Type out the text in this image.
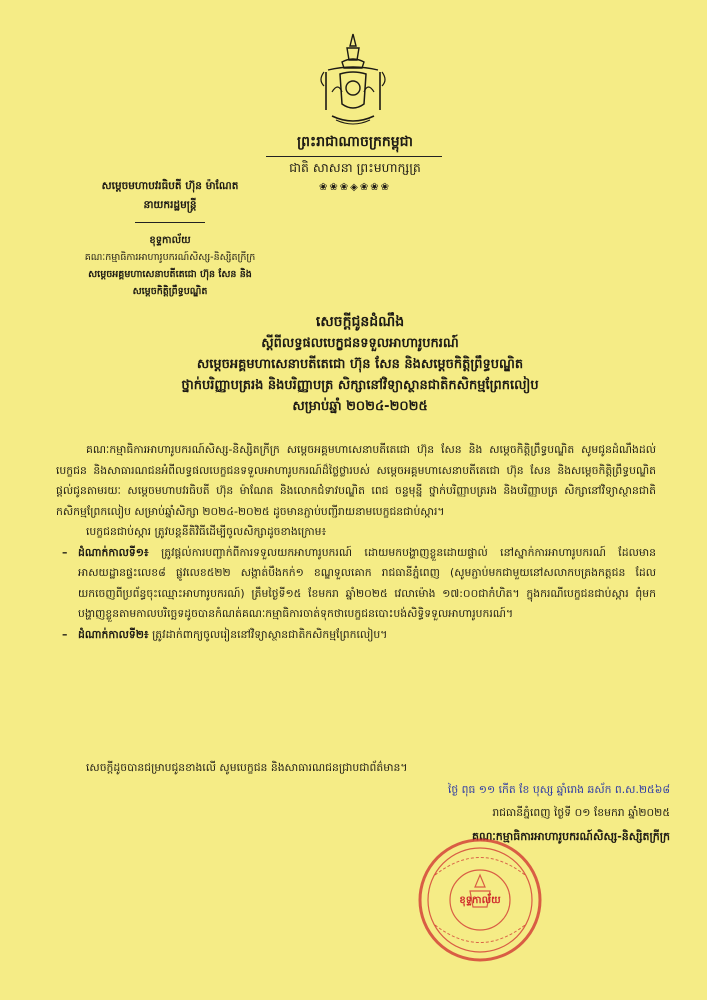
ព្រះរាជាណាចក្រកម្ពុជា
ជាតិ សាសនា ព្រះមហាក្សត្រ
❀❀❀◈❀❀❀
សម្តេចមហាបវរធិបតី ហ៊ុន ម៉ាណែត
នាយករដ្ឋមន្ត្រី
ខុទ្ទកាល័យ
គណៈកម្មាធិការអាហារូបករណ៍សិស្ស-និស្សិតក្រីក្រ
សម្តេចអគ្គមហាសេនាបតីតេជោ ហ៊ុន សែន និង
សម្តេចកិត្តិព្រឹទ្ធបណ្ឌិត
សេចក្តីជូនដំណឹង
ស្តីពីលទ្ធផលបេក្ខជនទទួលអាហារូបករណ៍
សម្តេចអគ្គមហាសេនាបតីតេជោ ហ៊ុន សែន និងសម្តេចកិត្តិព្រឹទ្ធបណ្ឌិត
ថ្នាក់បរិញ្ញាបត្ររង និងបរិញ្ញាបត្រ សិក្សានៅវិទ្យាស្ថានជាតិកសិកម្មព្រែកលៀប
សម្រាប់ឆ្នាំ ២០២៤-២០២៥

គណៈកម្មាធិការអាហារូបករណ៍សិស្ស-និស្សិតក្រីក្រ សម្តេចអគ្គមហាសេនាបតីតេជោ ហ៊ុន សែន និង សម្តេចកិត្តិព្រឹទ្ធបណ្ឌិត សូមជូនដំណឹងដល់បេក្ខជន និងសាធារណជនអំពីលទ្ធផលបេក្ខជនទទួលអាហារូបករណ៍ដ៏ថ្លៃថ្លារបស់ សម្តេចអគ្គមហាសេនាបតីតេជោ ហ៊ុន សែន និងសម្តេចកិត្តិព្រឹទ្ធបណ្ឌិត ផ្តល់ជូនតាមរយៈ សម្តេចមហាបវរធិបតី ហ៊ុន ម៉ាណែត និងលោកជំទាវបណ្ឌិត ពេជ ចន្ទមុន្នី ថ្នាក់បរិញ្ញាបត្ររង និងបរិញ្ញាបត្រ សិក្សានៅវិទ្យាស្ថានជាតិកសិកម្មព្រែកលៀប សម្រាប់ឆ្នាំសិក្សា ២០២៤-២០២៥ ដូចមានភ្ជាប់បញ្ជីរាយនាមបេក្ខជនជាប់ស្ការ។

បេក្ខជនជាប់ស្ការ ត្រូវបន្តនីតិវិធីដើម្បីចូលសិក្សាដូចខាងក្រោម៖

– ដំណាក់កាលទី១៖ ត្រូវផ្តល់ការបញ្ជាក់ពីការទទួលយកអាហារូបករណ៍ ដោយមកបង្ហាញខ្លួនដោយផ្ទាល់ នៅស្នាក់ការអាហារូបករណ៍ ដែលមានអាសយដ្ឋានផ្ទះលេខ៨ ផ្លូវលេខ៥២២ សង្កាត់បឹងកក់១ ខណ្ឌទួលគោក រាជធានីភ្នំពេញ (សូមភ្ជាប់មកជាមួយនៅសលាកបត្រងកត្តជន ដែលយកចេញពីប្រព័ន្ធចុះឈ្មោះអាហារូបករណ៍) ត្រឹមថ្ងៃទី១៥ ខែមករា ឆ្នាំ២០២៥ វេលាម៉ោង ១៧:០០ជាកំហិត។ ក្នុងករណីបេក្ខជនជាប់ស្ការ ពុំមកបង្ហាញខ្លួនតាមកាលបរិច្ឆេទដូចបានកំណត់គណៈកម្មាធិការចាត់ទុកថាបេក្ខជនបោះបង់សិទ្ធិទទួលអាហារូបករណ៍។
– ដំណាក់កាលទី២៖ ត្រូវដាក់ពាក្យចូលរៀននៅវិទ្យាស្ថានជាតិកសិកម្មព្រែកលៀប។

សេចក្តីដូចបានជម្រាបជូនខាងលើ សូមបេក្ខជន និងសាធារណជនជ្រាបជាព័ត៌មាន។

ថ្ងៃ ពុធ ១១ កើត ខែ បុស្ស ឆ្នាំរោង ឆស័ក ព.ស.២៥៦៨
រាជធានីភ្នំពេញ ថ្ងៃទី ០១ ខែមករា ឆ្នាំ២០២៥
គណៈកម្មាធិការអាហារូបករណ៍សិស្ស-និស្សិតក្រីក្រ
ខុទ្ទកាល័យ
